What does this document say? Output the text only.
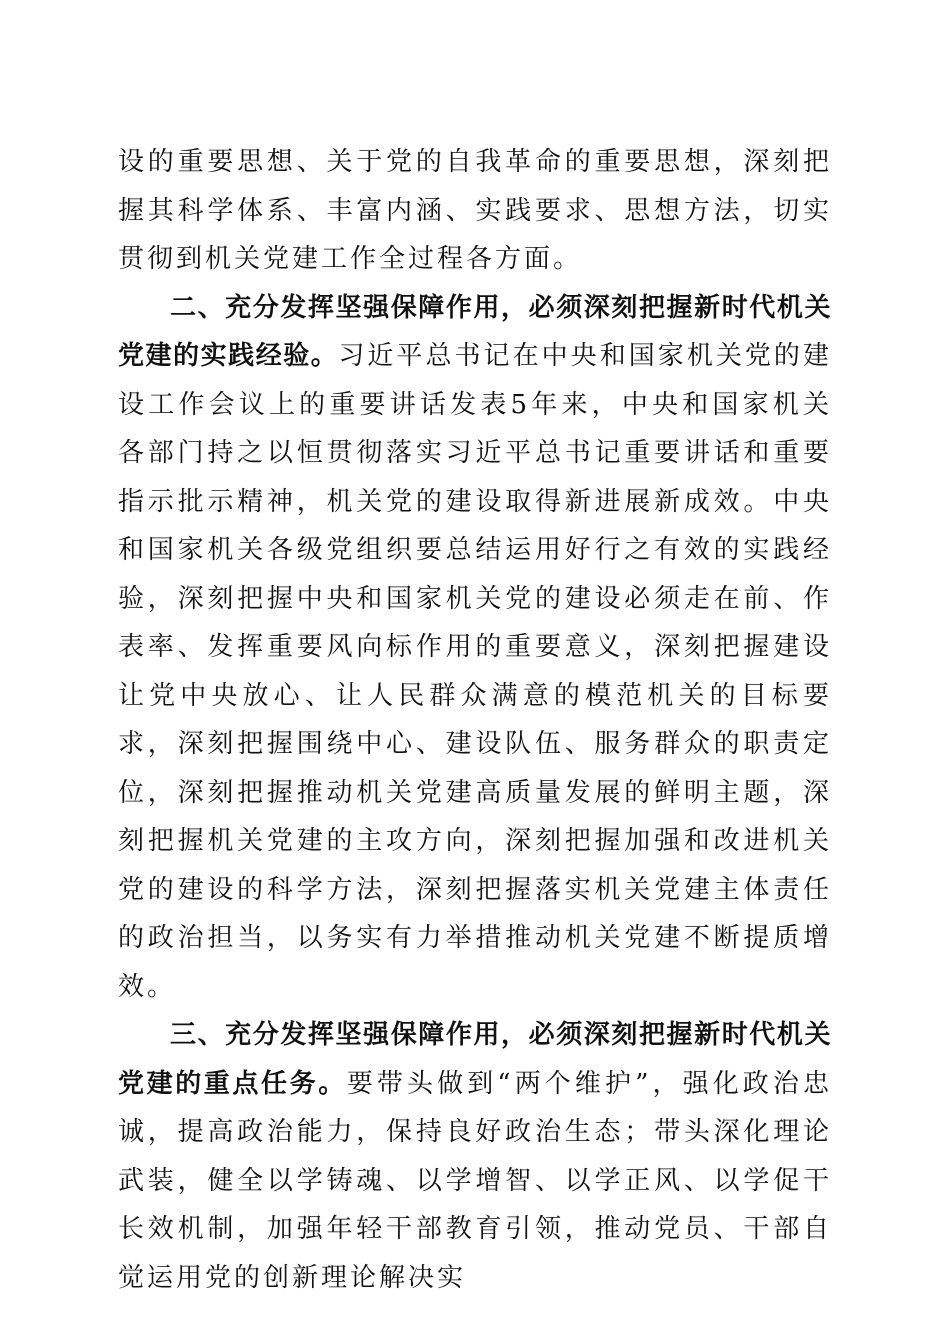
设的重要思想、关于党的自我革命的重要思想，深刻把握其科学体系、丰富内涵、实践要求、思想方法，切实贯彻到机关党建工作全过程各方面。

二、充分发挥坚强保障作用，必须深刻把握新时代机关党建的实践经验。习近平总书记在中央和国家机关党的建设工作会议上的重要讲话发表5年来，中央和国家机关各部门持之以恒贯彻落实习近平总书记重要讲话和重要指示批示精神，机关党的建设取得新进展新成效。中央和国家机关各级党组织要总结运用好行之有效的实践经验，深刻把握中央和国家机关党的建设必须走在前、作表率、发挥重要风向标作用的重要意义，深刻把握建设让党中央放心、让人民群众满意的模范机关的目标要求，深刻把握围绕中心、建设队伍、服务群众的职责定位，深刻把握推动机关党建高质量发展的鲜明主题，深刻把握机关党建的主攻方向，深刻把握加强和改进机关党的建设的科学方法，深刻把握落实机关党建主体责任的政治担当，以务实有力举措推动机关党建不断提质增效。

三、充分发挥坚强保障作用，必须深刻把握新时代机关党建的重点任务。要带头做到“两个维护”，强化政治忠诚，提高政治能力，保持良好政治生态；带头深化理论武装，健全以学铸魂、以学增智、以学正风、以学促干长效机制，加强年轻干部教育引领，推动党员、干部自觉运用党的创新理论解决实
